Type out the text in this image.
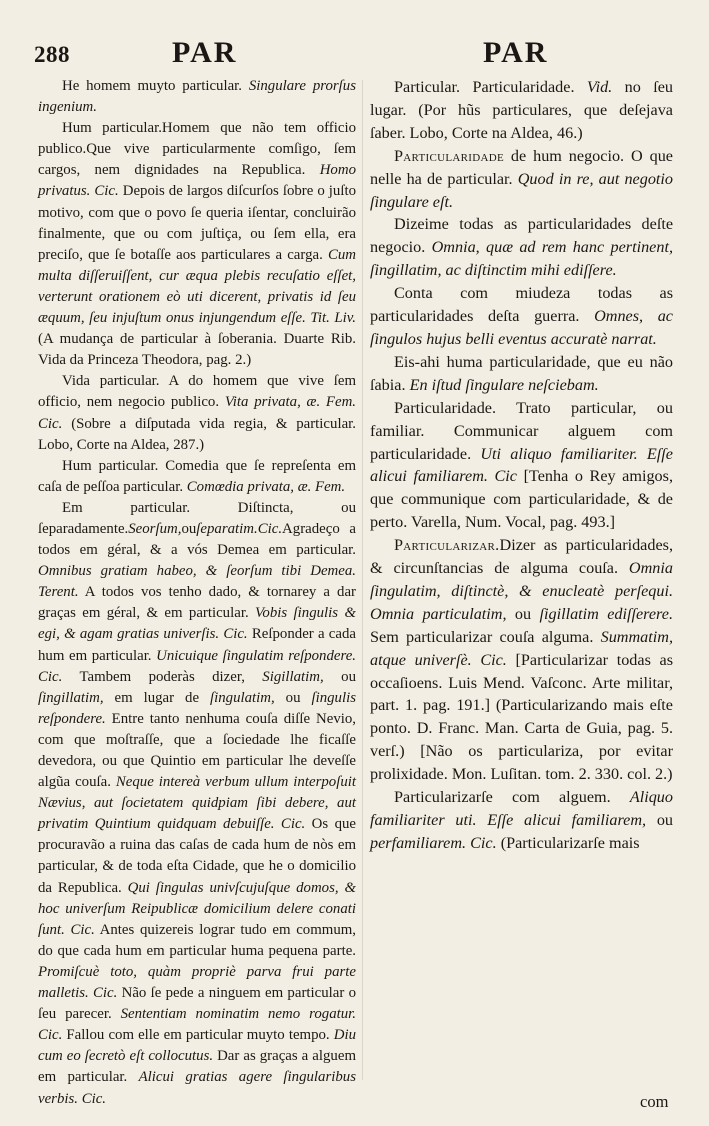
288	PAR	PAR

He homem muyto particular. Singulare prorſus ingenium.

Hum particular.Homem que não tem officio publico.Que vive particularmente comſigo, ſem cargos, nem dignidades na Republica. Homo privatus. Cic. Depois de largos diſcurſos ſobre o juſto motivo, com que o povo ſe queria iſentar, concluirão finalmente, que ou com juſtiça, ou ſem ella, era preciſo, que ſe botaſſe aos particulares a carga. Cum multa diſſeruiſſent, cur æqua plebis recuſatio eſſet, verterunt orationem eò uti dicerent, privatis id ſeu æquum, ſeu injuſtum onus injungendum eſſe. Tit. Liv. (A mudança de particular à ſoberania. Duarte Rib. Vida da Princeza Theodora, pag. 2.)

Vida particular. A do homem que vive ſem officio, nem negocio publico. Vita privata, æ. Fem. Cic. (Sobre a diſputada vida regia, & particular. Lobo, Corte na Aldea, 287.)

Hum particular. Comedia que ſe repreſenta em caſa de peſſoa particular. Comœdia privata, æ. Fem.

Em particular. Diſtincta, ou ſeparadamente.Seorſum,ouſeparatim.Cic.Agradeço a todos em géral, & a vós Demea em particular. Omnibus gratiam habeo, & ſeorſum tibi Demea. Terent. A todos vos tenho dado, & tornarey a dar graças em géral, & em particular. Vobis ſingulis & egi, & agam gratias univerſis. Cic. Reſponder a cada hum em particular. Unicuique ſingulatim reſpondere. Cic. Tambem poderàs dizer, Sigillatim, ou ſingillatim, em lugar de ſingulatim, ou ſingulis reſpondere. Entre tanto nenhuma couſa diſſe Nevio, com que moſtraſſe, que a ſociedade lhe ficaſſe devedora, ou que Quintio em particular lhe deveſſe algũa couſa. Neque intereà verbum ullum interpoſuit Nævius, aut ſocietatem quidpiam ſibi debere, aut privatim Quintium quidquam debuiſſe. Cic. Os que procuravão a ruina das caſas de cada hum de nòs em particular, & de toda eſta Cidade, que he o domicilio da Republica. Qui ſingulas univſcujuſque domos, & hoc univerſum Reipublicæ domicilium delere conati ſunt. Cic. Antes quizereis lograr tudo em commum, do que cada hum em particular huma pequena parte. Promiſcuè toto, quàm propriè parva frui parte malletis. Cic. Não ſe pede a ninguem em particular o ſeu parecer. Sententiam nominatim nemo rogatur. Cic. Fallou com elle em particular muyto tempo. Diu cum eo ſecretò eſt collocutus. Dar as graças a alguem em particular. Alicui gratias agere ſingularibus verbis. Cic.

Particular. Particularidade. Vid. no ſeu lugar. (Por hũs particulares, que deſejava ſaber. Lobo, Corte na Aldea, 46.)

Particularidade de hum negocio. O que nelle ha de particular. Quod in re, aut negotio ſingulare eſt.

Dizeime todas as particularidades deſte negocio. Omnia, quæ ad rem hanc pertinent, ſingillatim, ac diſtinctim mihi ediſſere.

Conta com miudeza todas as particularidades deſta guerra. Omnes, ac ſingulos hujus belli eventus accuratè narrat.

Eis-ahi huma particularidade, que eu não ſabia. En iſtud ſingulare neſciebam.

Particularidade. Trato particular, ou familiar. Communicar alguem com particularidade. Uti aliquo familiariter. Eſſe alicui familiarem. Cic [Tenha o Rey amigos, que communique com particularidade, & de perto. Varella, Num. Vocal, pag. 493.]

Particularizar.Dizer as particularidades, & circunſtancias de alguma couſa. Omnia ſingulatim, diſtinctè, & enucleatè perſequi. Omnia particulatim, ou ſigillatim ediſſerere. Sem particularizar couſa alguma. Summatim, atque univerſè. Cic. [Particularizar todas as occaſioens. Luis Mend. Vaſconc. Arte militar, part. 1. pag. 191.] (Particularizando mais eſte ponto. D. Franc. Man. Carta de Guia, pag. 5. verſ.) [Não os particulariza, por evitar prolixidade. Mon. Luſitan. tom. 2. 330. col. 2.)

Particularizarſe com alguem. Aliquo familiariter uti. Eſſe alicui familiarem, ou perfamiliarem. Cic. (Particularizarſe mais

com
